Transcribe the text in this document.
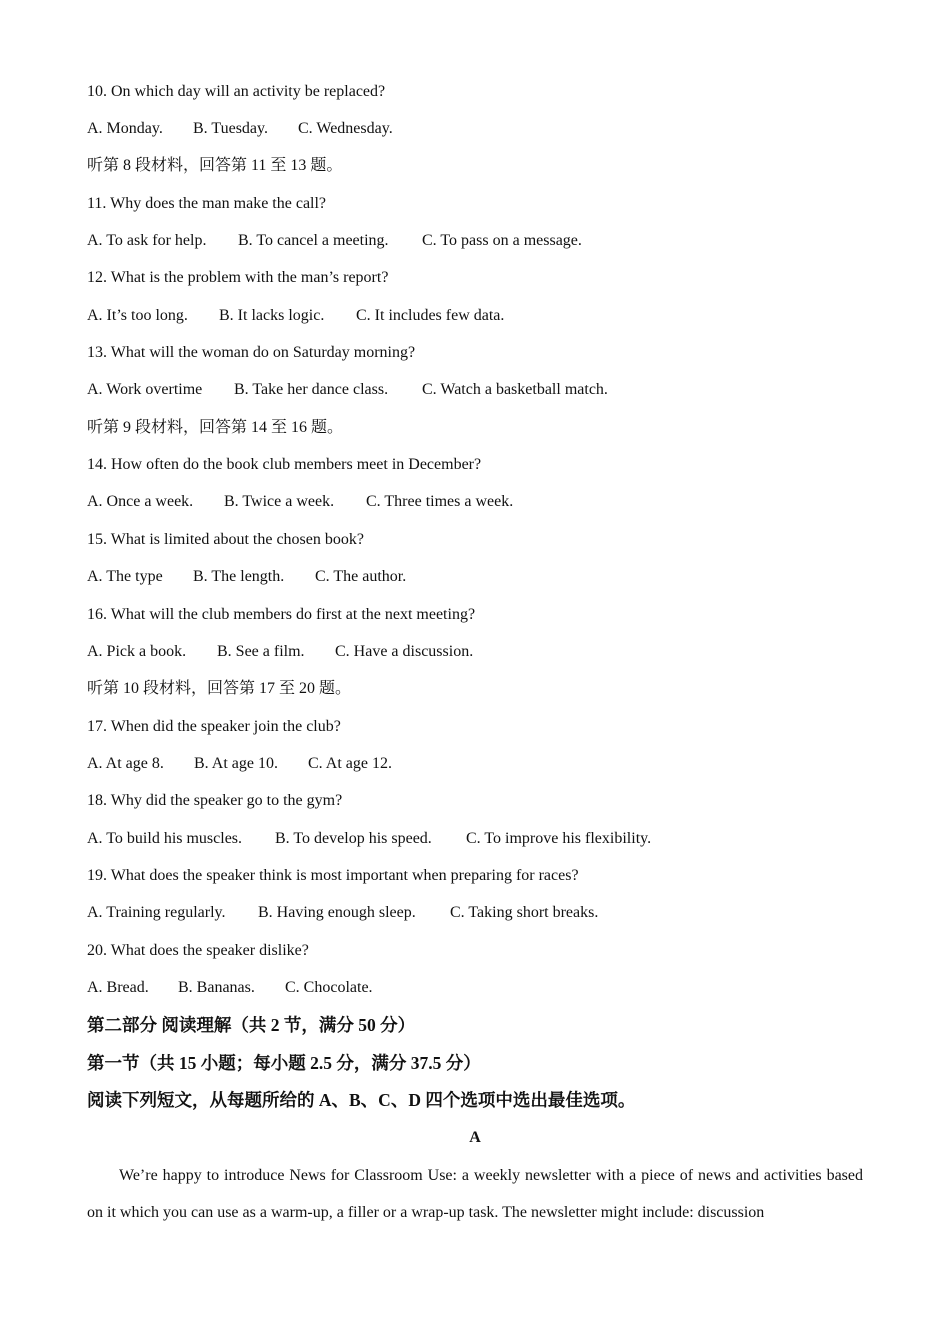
10. On which day will an activity be replaced?
A. Monday. B. Tuesday. C. Wednesday.
听第 8 段材料，回答第 11 至 13 题。
11. Why does the man make the call?
A. To ask for help. B. To cancel a meeting. C. To pass on a message.
12. What is the problem with the man’s report?
A. It’s too long. B. It lacks logic. C. It includes few data.
13. What will the woman do on Saturday morning?
A. Work overtime B. Take her dance class. C. Watch a basketball match.
听第 9 段材料，回答第 14 至 16 题。
14. How often do the book club members meet in December?
A. Once a week. B. Twice a week. C. Three times a week.
15. What is limited about the chosen book?
A. The type B. The length. C. The author.
16. What will the club members do first at the next meeting?
A. Pick a book. B. See a film. C. Have a discussion.
听第 10 段材料，回答第 17 至 20 题。
17. When did the speaker join the club?
A. At age 8. B. At age 10. C. At age 12.
18. Why did the speaker go to the gym?
A. To build his muscles. B. To develop his speed. C. To improve his flexibility.
19. What does the speaker think is most important when preparing for races?
A. Training regularly. B. Having enough sleep. C. Taking short breaks.
20. What does the speaker dislike?
A. Bread. B. Bananas. C. Chocolate.
第二部分 阅读理解（共 2 节，满分 50 分）
第一节（共 15 小题；每小题 2.5 分，满分 37.5 分）
阅读下列短文，从每题所给的 A、B、C、D 四个选项中选出最佳选项。
A
We’re happy to introduce News for Classroom Use: a weekly newsletter with a piece of news and activities based on it which you can use as a warm-up, a filler or a wrap-up task. The newsletter might include: discussion
